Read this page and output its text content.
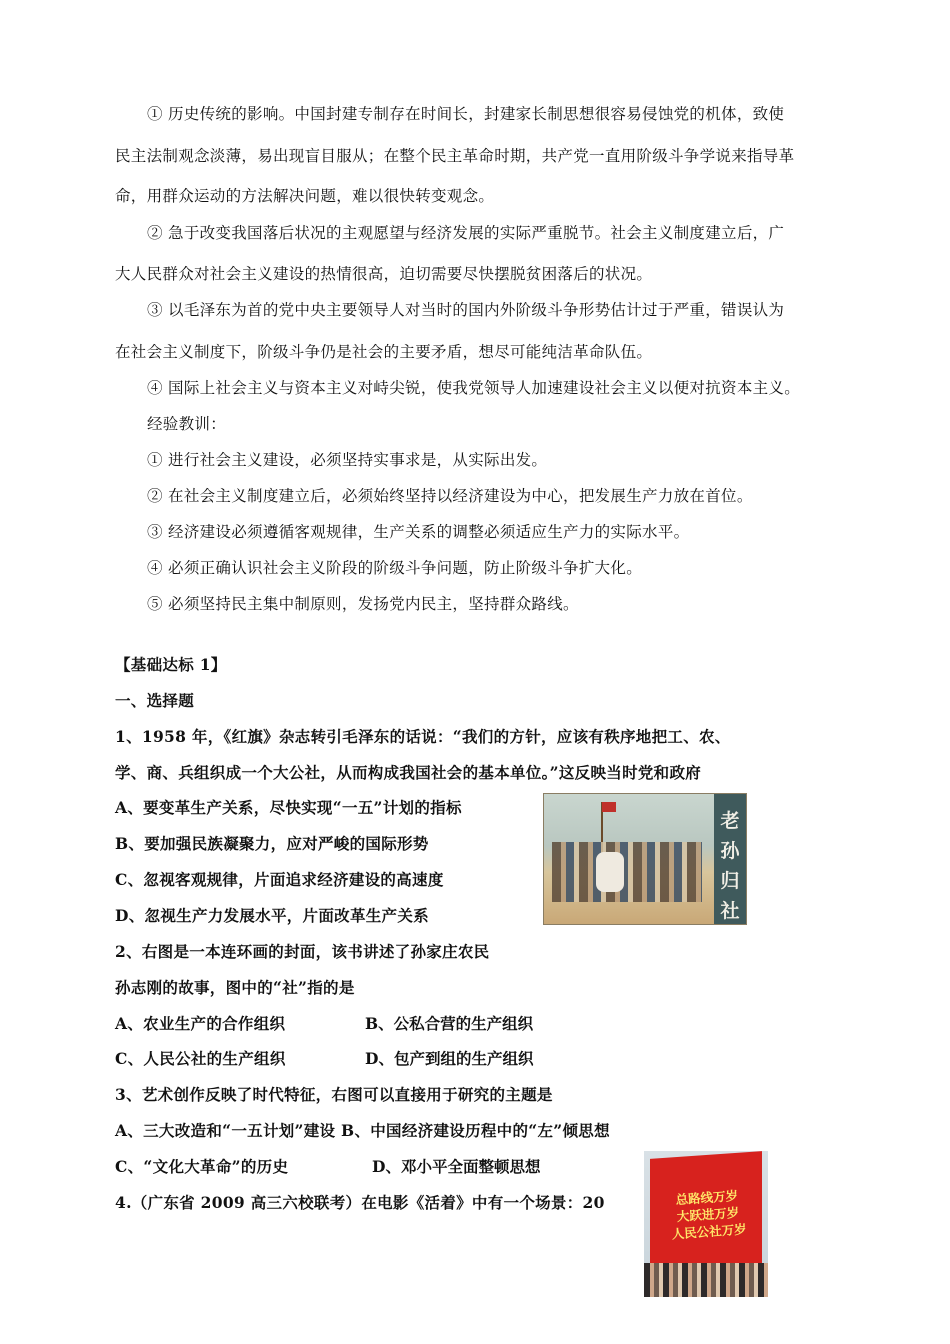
① 历史传统的影响。中国封建专制存在时间长，封建家长制思想很容易侵蚀党的机体，致使
民主法制观念淡薄，易出现盲目服从；在整个民主革命时期，共产党一直用阶级斗争学说来指导革
命，用群众运动的方法解决问题，难以很快转变观念。
② 急于改变我国落后状况的主观愿望与经济发展的实际严重脱节。社会主义制度建立后，广
大人民群众对社会主义建设的热情很高，迫切需要尽快摆脱贫困落后的状况。
③ 以毛泽东为首的党中央主要领导人对当时的国内外阶级斗争形势估计过于严重，错误认为
在社会主义制度下，阶级斗争仍是社会的主要矛盾，想尽可能纯洁革命队伍。
④ 国际上社会主义与资本主义对峙尖锐，使我党领导人加速建设社会主义以便对抗资本主义。
经验教训：
① 进行社会主义建设，必须坚持实事求是，从实际出发。
② 在社会主义制度建立后，必须始终坚持以经济建设为中心，把发展生产力放在首位。
③ 经济建设必须遵循客观规律，生产关系的调整必须适应生产力的实际水平。
④ 必须正确认识社会主义阶段的阶级斗争问题，防止阶级斗争扩大化。
⑤ 必须坚持民主集中制原则，发扬党内民主，坚持群众路线。
【基础达标 1】
一、选择题
1、1958 年，《红旗》杂志转引毛泽东的话说：“我们的方针，应该有秩序地把工、农、
学、商、兵组织成一个大公社，从而构成我国社会的基本单位。”这反映当时党和政府
A、要变革生产关系，尽快实现“一五”计划的指标
B、要加强民族凝聚力，应对严峻的国际形势
C、忽视客观规律，片面追求经济建设的高速度
D、忽视生产力发展水平，片面改革生产关系
2、右图是一本连环画的封面，该书讲述了孙家庄农民
孙志刚的故事，图中的“社”指的是
A、农业生产的合作组织	B、公私合营的生产组织
C、人民公社的生产组织	D、包产到组的生产组织
3、艺术创作反映了时代特征，右图可以直接用于研究的主题是
A、三大改造和“一五计划”建设 B、中国经济建设历程中的“左”倾思想
C、“文化大革命”的历史	D、邓小平全面整顿思想
4.（广东省 2009 高三六校联考）在电影《活着》中有一个场景：20
老孙归社
总路线万岁
大跃进万岁
人民公社万岁
